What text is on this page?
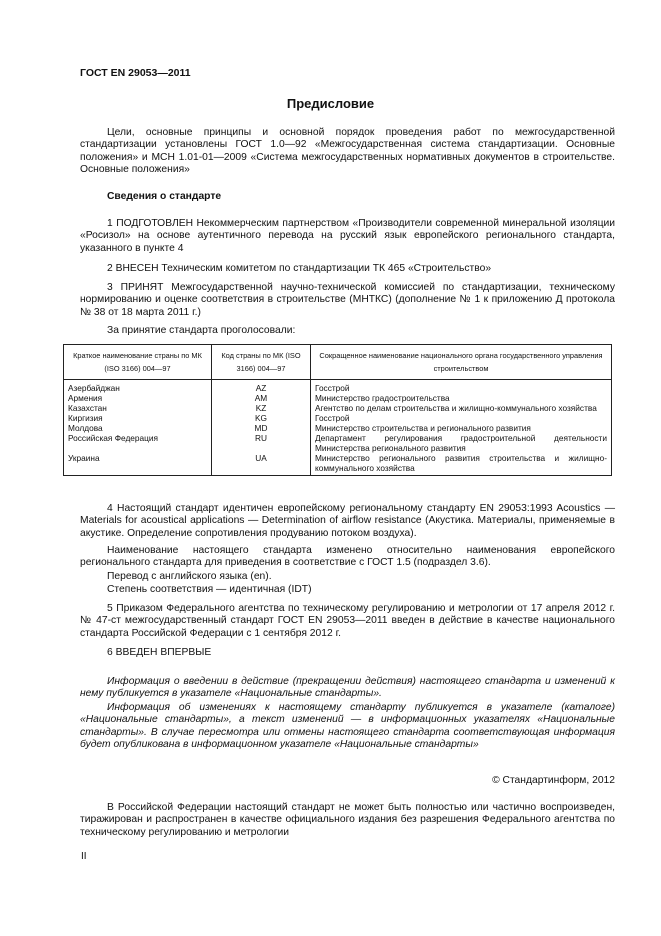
ГОСТ EN 29053—2011
Предисловие

Цели, основные принципы и основной порядок проведения работ по межгосударственной стандартизации установлены ГОСТ 1.0—92 «Межгосударственная система стандартизации. Основные положения» и МСН 1.01-01—2009 «Система межгосударственных нормативных документов в строительстве. Основные положения»

Сведения о стандарте

1 ПОДГОТОВЛЕН Некоммерческим партнерством «Производители современной минеральной изоляции «Росизол» на основе аутентичного перевода на русский язык европейского регионального стандарта, указанного в пункте 4

2 ВНЕСЕН Техническим комитетом по стандартизации ТК 465 «Строительство»

3 ПРИНЯТ Межгосударственной научно-технической комиссией по стандартизации, техническому нормированию и оценке соответствия в строительстве (МНТКС) (дополнение № 1 к приложению Д протокола № 38 от 18 марта 2011 г.)

За принятие стандарта проголосовали:

Краткое наименование страны по МК (ISO 3166) 004—97	Код страны по МК (ISO 3166) 004—97	Сокращенное наименование национального органа государственного управления строительством
Азербайджан	AZ	Госстрой
Армения	AM	Министерство градостроительства
Казахстан	KZ	Агентство по делам строительства и жилищно-коммунального хозяйства
Киргизия	KG	Госстрой
Молдова	MD	Министерство строительства и регионального развития
Российская Федерация	RU	Департамент регулирования градостроительной деятельности Министерства регионального развития
Украина	UA	Министерство регионального развития строительства и жилищно-коммунального хозяйства

4 Настоящий стандарт идентичен европейскому региональному стандарту EN 29053:1993 Acoustics — Materials for acoustical applications — Determination of airflow resistance (Акустика. Материалы, применяемые в акустике. Определение сопротивления продуванию потоком воздуха).

Наименование настоящего стандарта изменено относительно наименования европейского регионального стандарта для приведения в соответствие с ГОСТ 1.5 (подраздел 3.6).

Перевод с английского языка (en).

Степень соответствия — идентичная (IDT)

5 Приказом Федерального агентства по техническому регулированию и метрологии от 17 апреля 2012 г. № 47-ст межгосударственный стандарт ГОСТ EN 29053—2011 введен в действие в качестве национального стандарта Российской Федерации с 1 сентября 2012 г.

6 ВВЕДЕН ВПЕРВЫЕ

Информация о введении в действие (прекращении действия) настоящего стандарта и изменений к нему публикуется в указателе «Национальные стандарты».

Информация об изменениях к настоящему стандарту публикуется в указателе (каталоге) «Национальные стандарты», а текст изменений — в информационных указателях «Национальные стандарты». В случае пересмотра или отмены настоящего стандарта соответствующая информация будет опубликована в информационном указателе «Национальные стандарты»

© Стандартинформ, 2012

В Российской Федерации настоящий стандарт не может быть полностью или частично воспроизведен, тиражирован и распространен в качестве официального издания без разрешения Федерального агентства по техническому регулированию и метрологии

II
